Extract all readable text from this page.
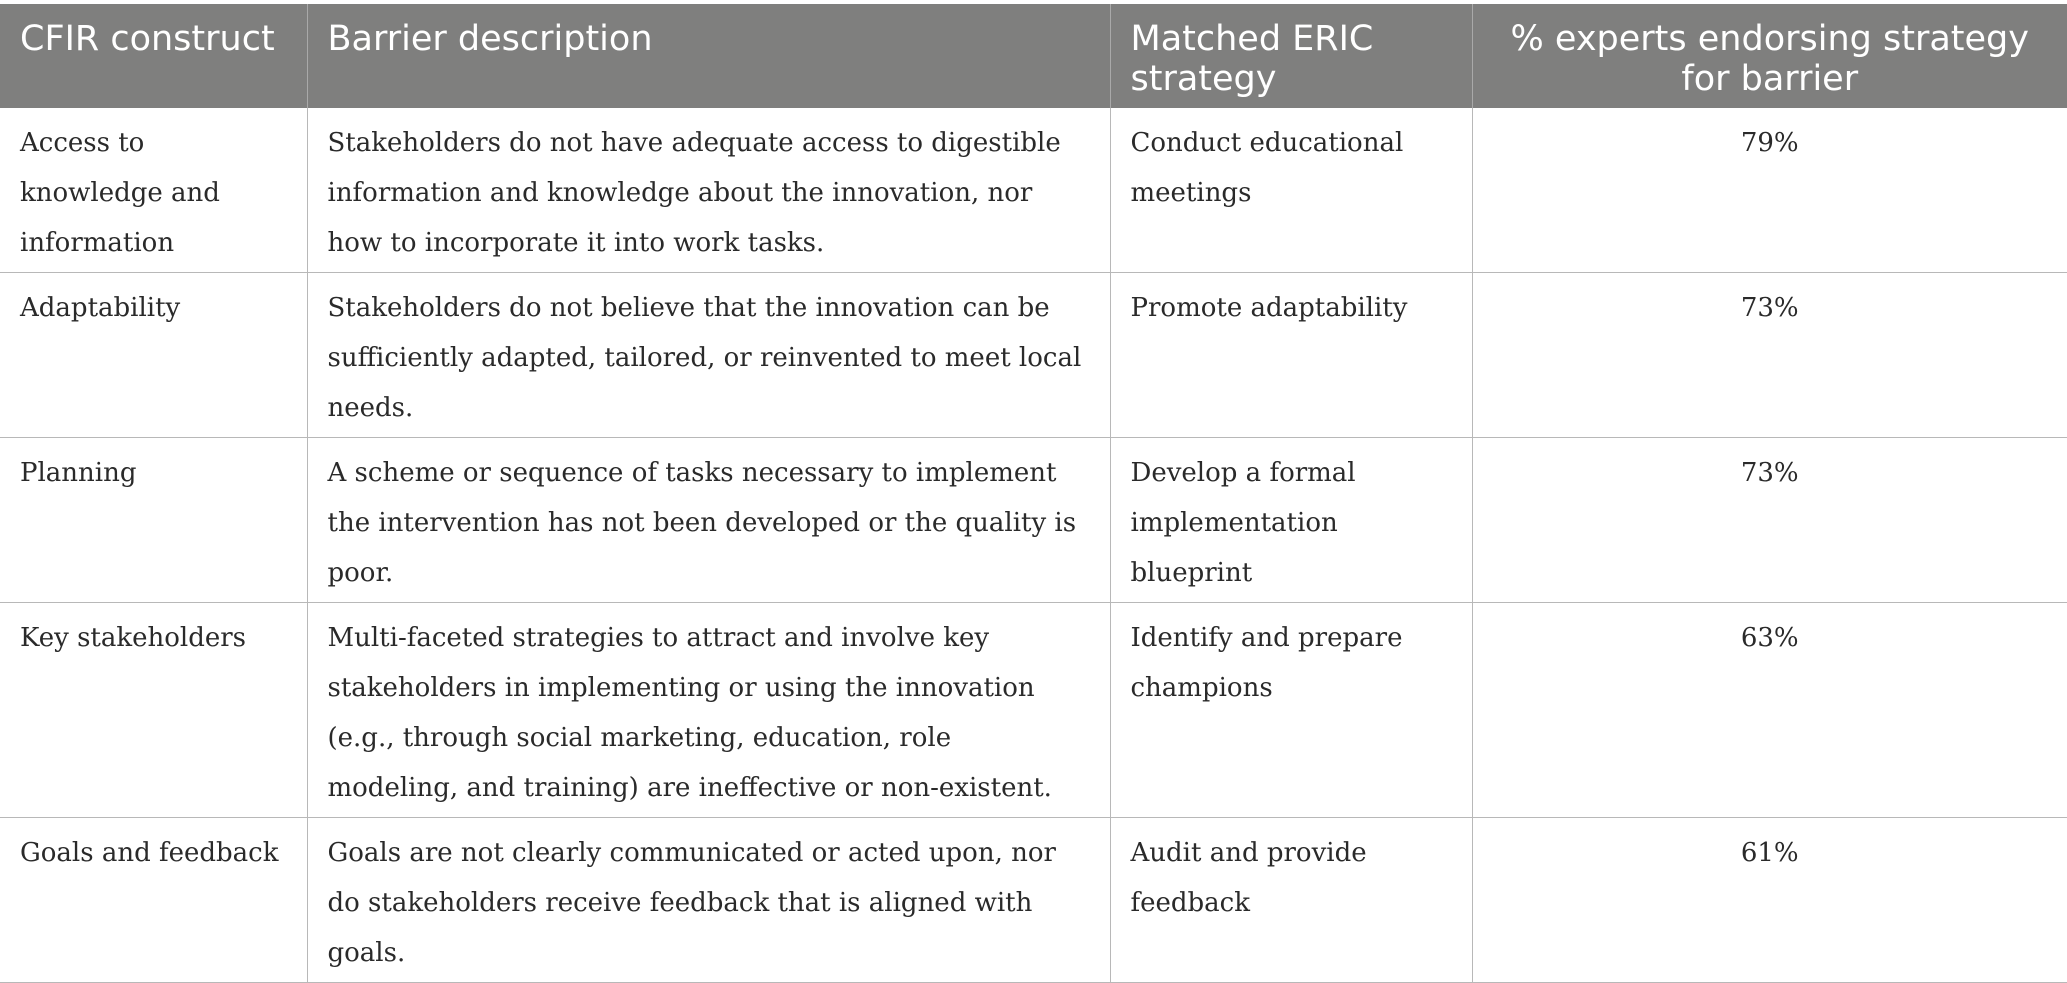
CFIR construct	Barrier description	Matched ERIC strategy	% experts endorsing strategy for barrier
Access to knowledge and information	Stakeholders do not have adequate access to digestible information and knowledge about the innovation, nor how to incorporate it into work tasks.	Conduct educational meetings	79%
Adaptability	Stakeholders do not believe that the innovation can be sufficiently adapted, tailored, or reinvented to meet local needs.	Promote adaptability	73%
Planning	A scheme or sequence of tasks necessary to implement the intervention has not been developed or the quality is poor.	Develop a formal implementation blueprint	73%
Key stakeholders	Multi-faceted strategies to attract and involve key stakeholders in implementing or using the innovation (e.g., through social marketing, education, role modeling, and training) are ineffective or non-existent.	Identify and prepare champions	63%
Goals and feedback	Goals are not clearly communicated or acted upon, nor do stakeholders receive feedback that is aligned with goals.	Audit and provide feedback	61%
